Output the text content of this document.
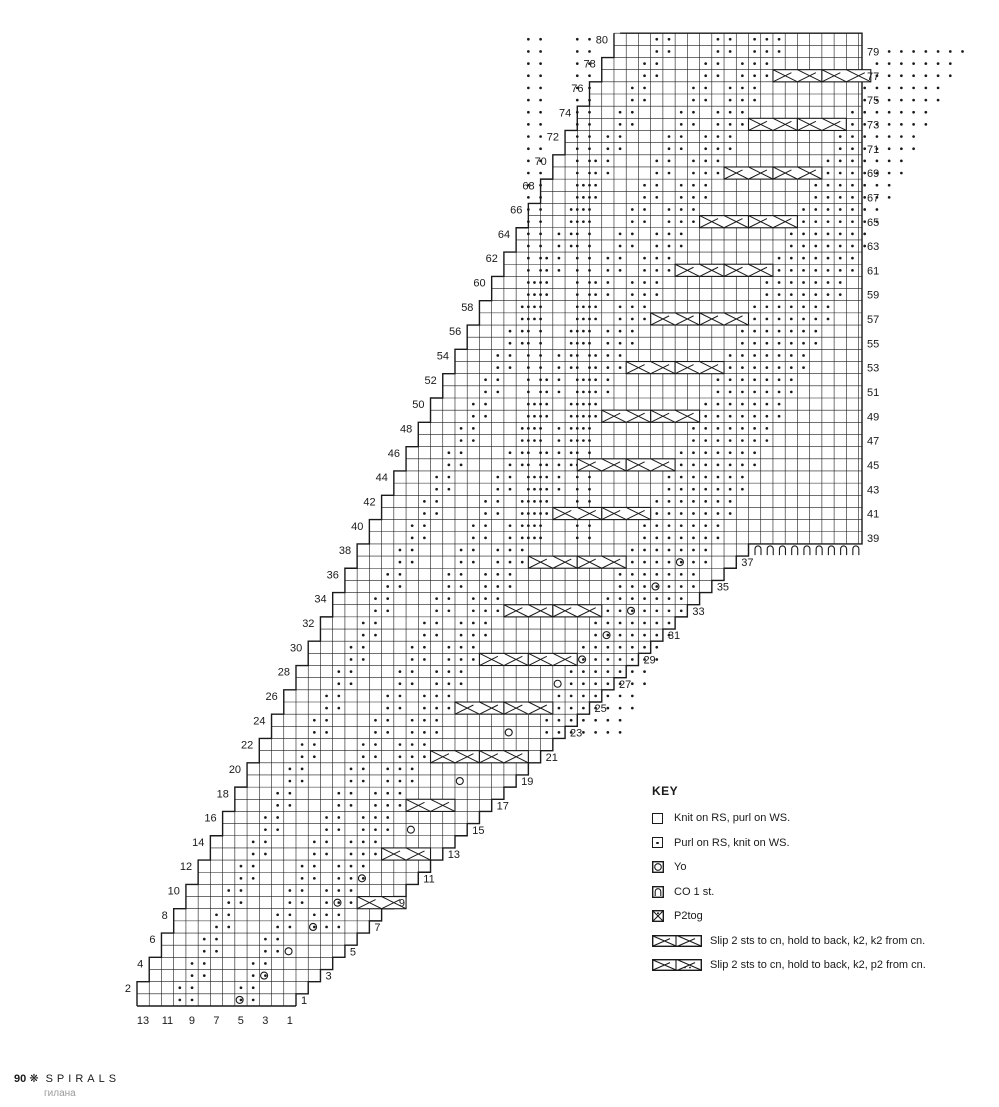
2
4
6
8
10
12
14
16
18
20
22
24
26
28
30
32
34
36
38
40
42
44
46
48
50
52
54
56
58
60
62
64
66
68
70
72
74
76
78
80
1
3
5
7
9
11
13
15
17
19
21
23
25
27
29
31
33
35
37
39
41
43
45
47
49
51
53
55
57
59
61
63
65
67
69
71
73
75
77
79
13 11 9 7 5 3 1
KEY
Knit on RS, purl on WS.
Purl on RS, knit on WS.
Yo
CO 1 st.
P2tog
Slip 2 sts to cn, hold to back, k2, k2 from cn.
Slip 2 sts to cn, hold to back, k2, p2 from cn.
90 ❋ SPIRALS
гилана
